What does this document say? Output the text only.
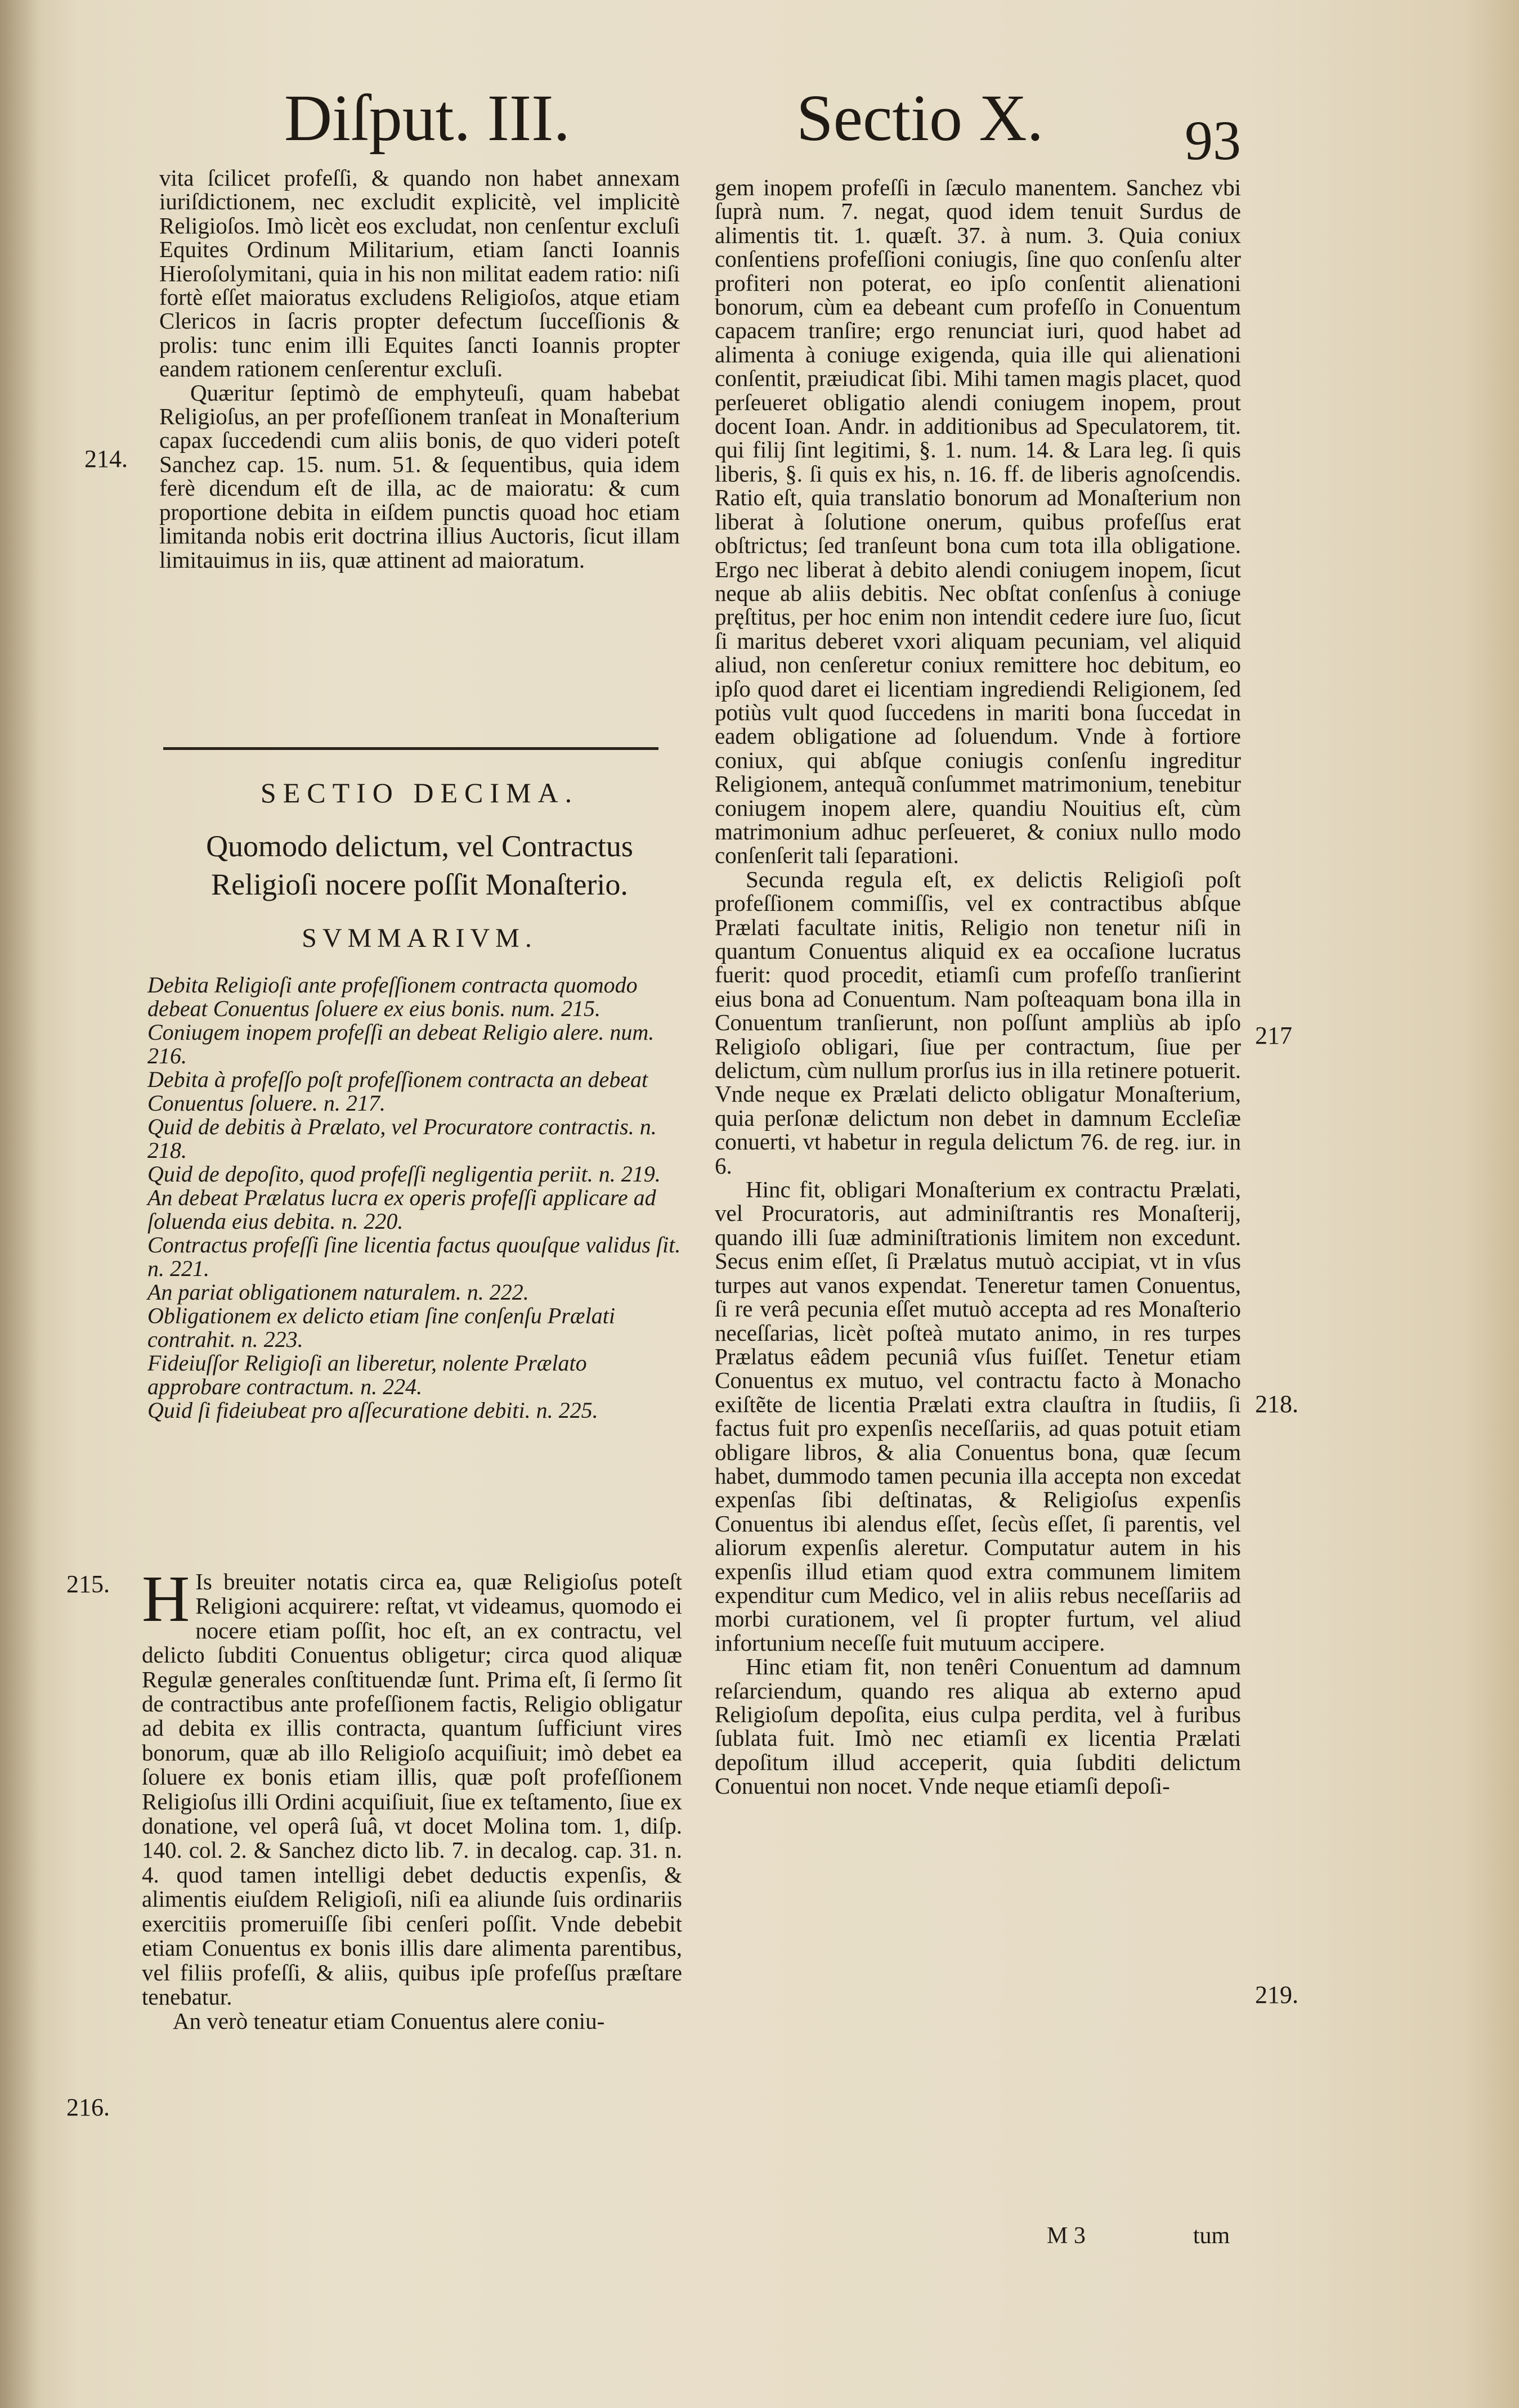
Diſput. III.	Sectio X.	93

vita ſcilicet profeſſi, & quando non habet annexam iuriſdictionem, nec excludit explicitè, vel implicitè Religioſos. Imò licèt eos excludat, non cenſentur excluſi Equites Ordinum Militarium, etiam ſancti Ioannis Hieroſolymitani, quia in his non militat eadem ratio: niſi fortè eſſet maioratus excludens Religioſos, atque etiam Clericos in ſacris propter defectum ſucceſſionis & prolis: tunc enim illi Equites ſancti Ioannis propter eandem rationem cenſerentur excluſi.

Quæritur ſeptimò de emphyteuſi, quam habebat Religioſus, an per profeſſionem tranſeat in Monaſterium capax ſuccedendi cum aliis bonis, de quo videri poteſt Sanchez cap. 15. num. 51. & ſequentibus, quia idem ferè dicendum eſt de illa, ac de maioratu: & cum proportione debita in eiſdem punctis quoad hoc etiam limitanda nobis erit doctrina illius Auctoris, ſicut illam limitauimus in iis, quæ attinent ad maioratum.

214.
SECTIO DECIMA.
Quomodo delictum, vel Contractus Religioſi nocere poſſit Monaſterio.
SVMMARIVM.

Debita Religioſi ante profeſſionem contracta quomodo debeat Conuentus ſoluere ex eius bonis. num. 215.

Coniugem inopem profeſſi an debeat Religio alere. num. 216.

Debita à profeſſo poſt profeſſionem contracta an debeat Conuentus ſoluere. n. 217.

Quid de debitis à Prælato, vel Procuratore contractis. n. 218.

Quid de depoſito, quod profeſſi negligentia periit. n. 219.

An debeat Prælatus lucra ex operis profeſſi applicare ad ſoluenda eius debita. n. 220.

Contractus profeſſi ſine licentia factus quouſque validus ſit. n. 221.

An pariat obligationem naturalem. n. 222.

Obligationem ex delicto etiam ſine conſenſu Prælati contrahit. n. 223.

Fideiuſſor Religioſi an liberetur, nolente Prælato approbare contractum. n. 224.

Quid ſi fideiubeat pro aſſecuratione debiti. n. 225.

215. H Is breuiter notatis circa ea, quæ Religioſus poteſt Religioni acquirere: reſtat, vt videamus, quomodo ei nocere etiam poſſit, hoc eſt, an ex contractu, vel delicto ſubditi Conuentus obligetur; circa quod aliquæ Regulæ generales conſtituendæ ſunt. Prima eſt, ſi ſermo ſit de contractibus ante profeſſionem factis, Religio obligatur ad debita ex illis contracta, quantum ſufficiunt vires bonorum, quæ ab illo Religioſo acquiſiuit; imò debet ea ſoluere ex bonis etiam illis, quæ poſt profeſſionem Religioſus illi Ordini acquiſiuit, ſiue ex teſtamento, ſiue ex donatione, vel operâ ſuâ, vt docet Molina tom. 1, diſp. 140. col. 2. & Sanchez dicto lib. 7. in decalog. cap. 31. n. 4. quod tamen intelligi debet deductis expenſis, & alimentis eiuſdem Religioſi, niſi ea aliunde ſuis ordinariis exercitiis promeruiſſe ſibi cenſeri poſſit. Vnde debebit etiam Conuentus ex bonis illis dare alimenta parentibus, vel filiis profeſſi, & aliis, quibus ipſe profeſſus præſtare tenebatur.

An verò teneatur etiam Conuentus alere coniu-

216.

gem inopem profeſſi in ſæculo manentem. Sanchez vbi ſuprà num. 7. negat, quod idem tenuit Surdus de alimentis tit. 1. quæſt. 37. à num. 3. Quia coniux conſentiens profeſſioni coniugis, ſine quo conſenſu alter profiteri non poterat, eo ipſo conſentit alienationi bonorum, cùm ea debeant cum profeſſo in Conuentum capacem tranſire; ergo renunciat iuri, quod habet ad alimenta à coniuge exigenda, quia ille qui alienationi conſentit, præiudicat ſibi. Mihi tamen magis placet, quod perſeueret obligatio alendi coniugem inopem, prout docent Ioan. Andr. in additionibus ad Speculatorem, tit. qui filij ſint legitimi, §. 1. num. 14. & Lara leg. ſi quis liberis, §. ſi quis ex his, n. 16. ff. de liberis agnoſcendis. Ratio eſt, quia translatio bonorum ad Monaſterium non liberat à ſolutione onerum, quibus profeſſus erat obſtrictus; ſed tranſeunt bona cum tota illa obligatione. Ergo nec liberat à debito alendi coniugem inopem, ſicut neque ab aliis debitis. Nec obſtat conſenſus à coniuge pręſtitus, per hoc enim non intendit cedere iure ſuo, ſicut ſi maritus deberet vxori aliquam pecuniam, vel aliquid aliud, non cenſeretur coniux remittere hoc debitum, eo ipſo quod daret ei licentiam ingrediendi Religionem, ſed potiùs vult quod ſuccedens in mariti bona ſuccedat in eadem obligatione ad ſoluendum. Vnde à fortiore coniux, qui abſque coniugis conſenſu ingreditur Religionem, antequã conſummet matrimonium, tenebitur coniugem inopem alere, quandiu Nouitius eſt, cùm matrimonium adhuc perſeueret, & coniux nullo modo conſenſerit tali ſeparationi.

Secunda regula eſt, ex delictis Religioſi poſt profeſſionem commiſſis, vel ex contractibus abſque Prælati facultate initis, Religio non tenetur niſi in quantum Conuentus aliquid ex ea occaſione lucratus fuerit: quod procedit, etiamſi cum profeſſo tranſierint eius bona ad Conuentum. Nam poſteaquam bona illa in Conuentum tranſierunt, non poſſunt ampliùs ab ipſo Religioſo obligari, ſiue per contractum, ſiue per delictum, cùm nullum prorſus ius in illa retinere potuerit. Vnde neque ex Prælati delicto obligatur Monaſterium, quia perſonæ delictum non debet in damnum Eccleſiæ conuerti, vt habetur in regula delictum 76. de reg. iur. in 6.

Hinc fit, obligari Monaſterium ex contractu Prælati, vel Procuratoris, aut adminiſtrantis res Monaſterij, quando illi ſuæ adminiſtrationis limitem non excedunt. Secus enim eſſet, ſi Prælatus mutuò accipiat, vt in vſus turpes aut vanos expendat. Teneretur tamen Conuentus, ſi re verâ pecunia eſſet mutuò accepta ad res Monaſterio neceſſarias, licèt poſteà mutato animo, in res turpes Prælatus eâdem pecuniâ vſus fuiſſet. Tenetur etiam Conuentus ex mutuo, vel contractu facto à Monacho exiſtẽte de licentia Prælati extra clauſtra in ſtudiis, ſi factus fuit pro expenſis neceſſariis, ad quas potuit etiam obligare libros, & alia Conuentus bona, quæ ſecum habet, dummodo tamen pecunia illa accepta non excedat expenſas ſibi deſtinatas, & Religioſus expenſis Conuentus ibi alendus eſſet, ſecùs eſſet, ſi parentis, vel aliorum expenſis aleretur. Computatur autem in his expenſis illud etiam quod extra communem limitem expenditur cum Medico, vel in aliis rebus neceſſariis ad morbi curationem, vel ſi propter furtum, vel aliud infortunium neceſſe fuit mutuum accipere.

Hinc etiam fit, non tenêri Conuentum ad damnum reſarciendum, quando res aliqua ab externo apud Religioſum depoſita, eius culpa perdita, vel à furibus ſublata fuit. Imò nec etiamſi ex licentia Prælati depoſitum illud acceperit, quia ſubditi delictum Conuentui non nocet. Vnde neque etiamſi depoſi-

217
218.
219.
M 3	tum
